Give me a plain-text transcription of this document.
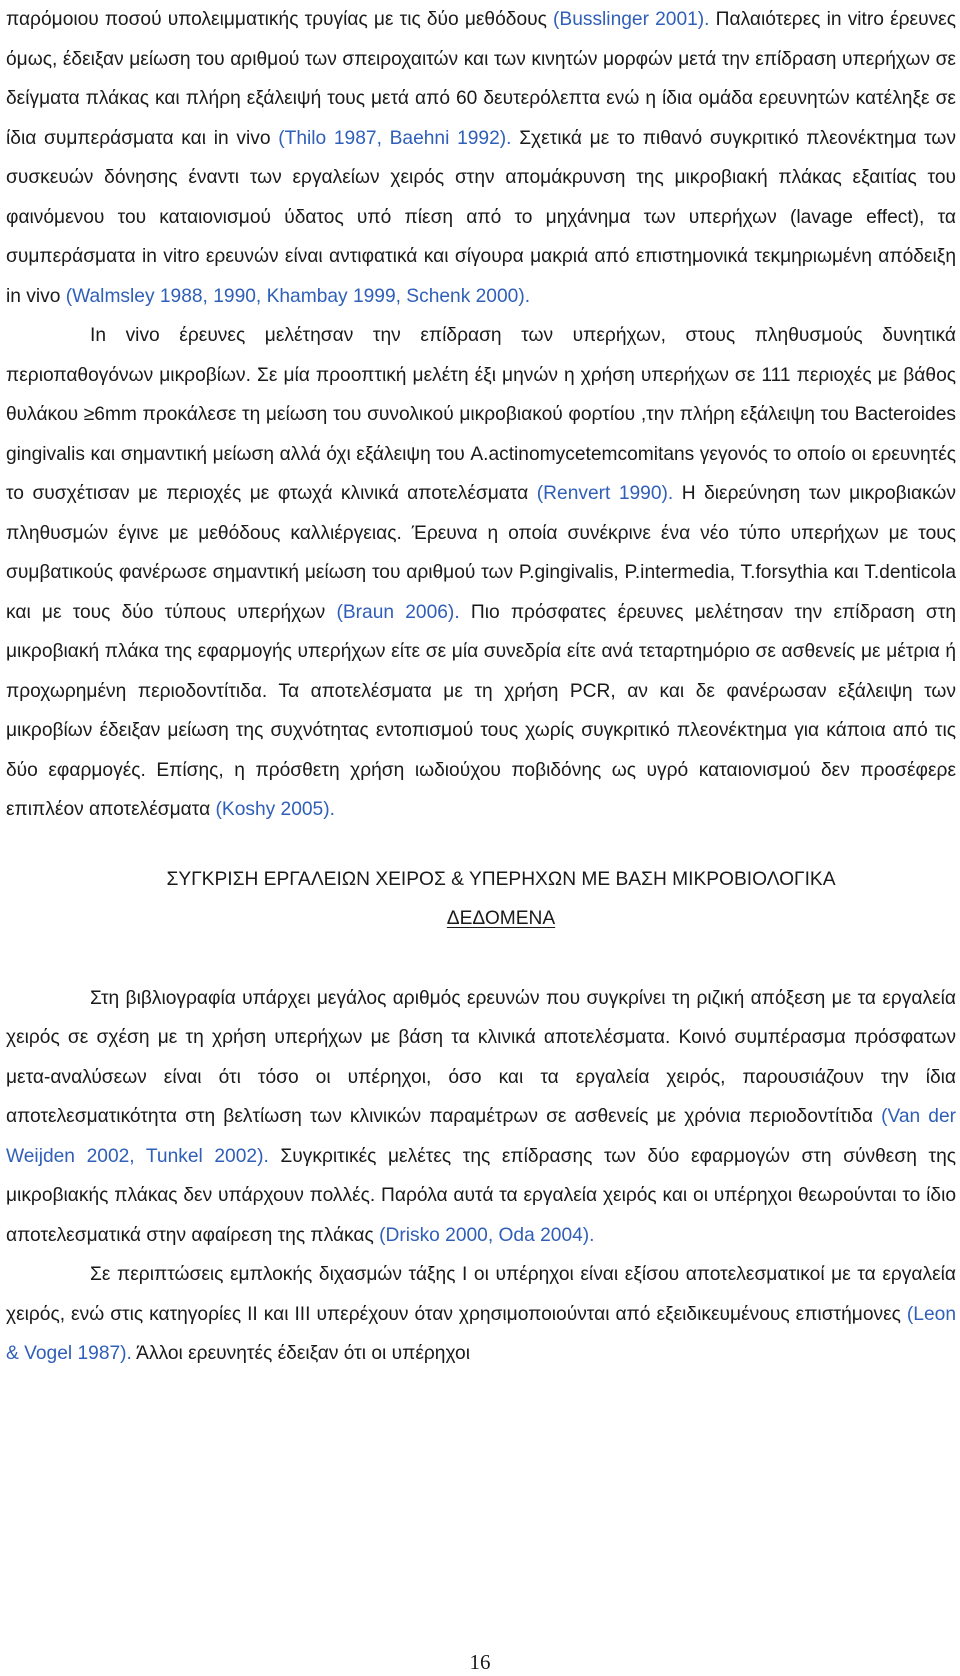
παρόμοιου ποσού υπολειμματικής τρυγίας με τις δύο μεθόδους (Busslinger 2001). Παλαιότερες in vitro έρευνες όμως, έδειξαν μείωση του αριθμού των σπειροχαιτών και των κινητών μορφών μετά την επίδραση υπερήχων σε δείγματα πλάκας και πλήρη εξάλειψή τους μετά από 60 δευτερόλεπτα ενώ η ίδια ομάδα ερευνητών κατέληξε σε ίδια συμπεράσματα και in vivo (Thilo 1987, Baehni 1992). Σχετικά με το πιθανό συγκριτικό πλεονέκτημα των συσκευών δόνησης έναντι των εργαλείων χειρός στην απομάκρυνση της μικροβιακή πλάκας εξαιτίας του φαινόμενου του καταιονισμού ύδατος υπό πίεση από το μηχάνημα των υπερήχων (lavage effect), τα συμπεράσματα in vitro ερευνών είναι αντιφατικά και σίγουρα μακριά από επιστημονικά τεκμηριωμένη απόδειξη in vivo (Walmsley 1988, 1990, Khambay 1999, Schenk 2000).

In vivo έρευνες μελέτησαν την επίδραση των υπερήχων, στους πληθυσμούς δυνητικά περιοπαθογόνων μικροβίων. Σε μία προοπτική μελέτη έξι μηνών η χρήση υπερήχων σε 111 περιοχές με βάθος θυλάκου ≥6mm προκάλεσε τη μείωση του συνολικού μικροβιακού φορτίου ,την πλήρη εξάλειψη του Bacteroides gingivalis και σημαντική μείωση αλλά όχι εξάλειψη του A.actinomycetemcomitans γεγονός το οποίο οι ερευνητές το συσχέτισαν με περιοχές με φτωχά κλινικά αποτελέσματα (Renvert 1990). Η διερεύνηση των μικροβιακών πληθυσμών έγινε με μεθόδους καλλιέργειας. Έρευνα η οποία συνέκρινε ένα νέο τύπο υπερήχων με τους συμβατικούς φανέρωσε σημαντική μείωση του αριθμού των P.gingivalis, P.intermedia, T.forsythia και T.denticola και με τους δύο τύπους υπερήχων (Braun 2006). Πιο πρόσφατες έρευνες μελέτησαν την επίδραση στη μικροβιακή πλάκα της εφαρμογής υπερήχων είτε σε μία συνεδρία είτε ανά τεταρτημόριο σε ασθενείς με μέτρια ή προχωρημένη περιοδοντίτιδα. Τα αποτελέσματα με τη χρήση PCR, αν και δε φανέρωσαν εξάλειψη των μικροβίων έδειξαν μείωση της συχνότητας εντοπισμού τους χωρίς συγκριτικό πλεονέκτημα για κάποια από τις δύο εφαρμογές. Επίσης, η πρόσθετη χρήση ιωδιούχου ποβιδόνης ως υγρό καταιονισμού δεν προσέφερε επιπλέον αποτελέσματα (Koshy 2005).

ΣΥΓΚΡΙΣΗ ΕΡΓΑΛΕΙΩΝ ΧΕΙΡΟΣ & ΥΠΕΡΗΧΩΝ ΜΕ ΒΑΣΗ ΜΙΚΡΟΒΙΟΛΟΓΙΚΑ
ΔΕΔΟΜΕΝΑ

Στη βιβλιογραφία υπάρχει μεγάλος αριθμός ερευνών που συγκρίνει τη ριζική απόξεση με τα εργαλεία χειρός σε σχέση με τη χρήση υπερήχων με βάση τα κλινικά αποτελέσματα. Κοινό συμπέρασμα πρόσφατων μετα-αναλύσεων είναι ότι τόσο οι υπέρηχοι, όσο και τα εργαλεία χειρός, παρουσιάζουν την ίδια αποτελεσματικότητα στη βελτίωση των κλινικών παραμέτρων σε ασθενείς με χρόνια περιοδοντίτιδα (Van der Weijden 2002, Tunkel 2002). Συγκριτικές μελέτες της επίδρασης των δύο εφαρμογών στη σύνθεση της μικροβιακής πλάκας δεν υπάρχουν πολλές. Παρόλα αυτά τα εργαλεία χειρός και οι υπέρηχοι θεωρούνται το ίδιο αποτελεσματικά στην αφαίρεση της πλάκας (Drisko 2000, Oda 2004).

Σε περιπτώσεις εμπλοκής διχασμών τάξης I οι υπέρηχοι είναι εξίσου αποτελεσματικοί με τα εργαλεία χειρός, ενώ στις κατηγορίες II και III υπερέχουν όταν χρησιμοποιούνται από εξειδικευμένους επιστήμονες (Leon & Vogel 1987). Άλλοι ερευνητές έδειξαν ότι οι υπέρηχοι

16
